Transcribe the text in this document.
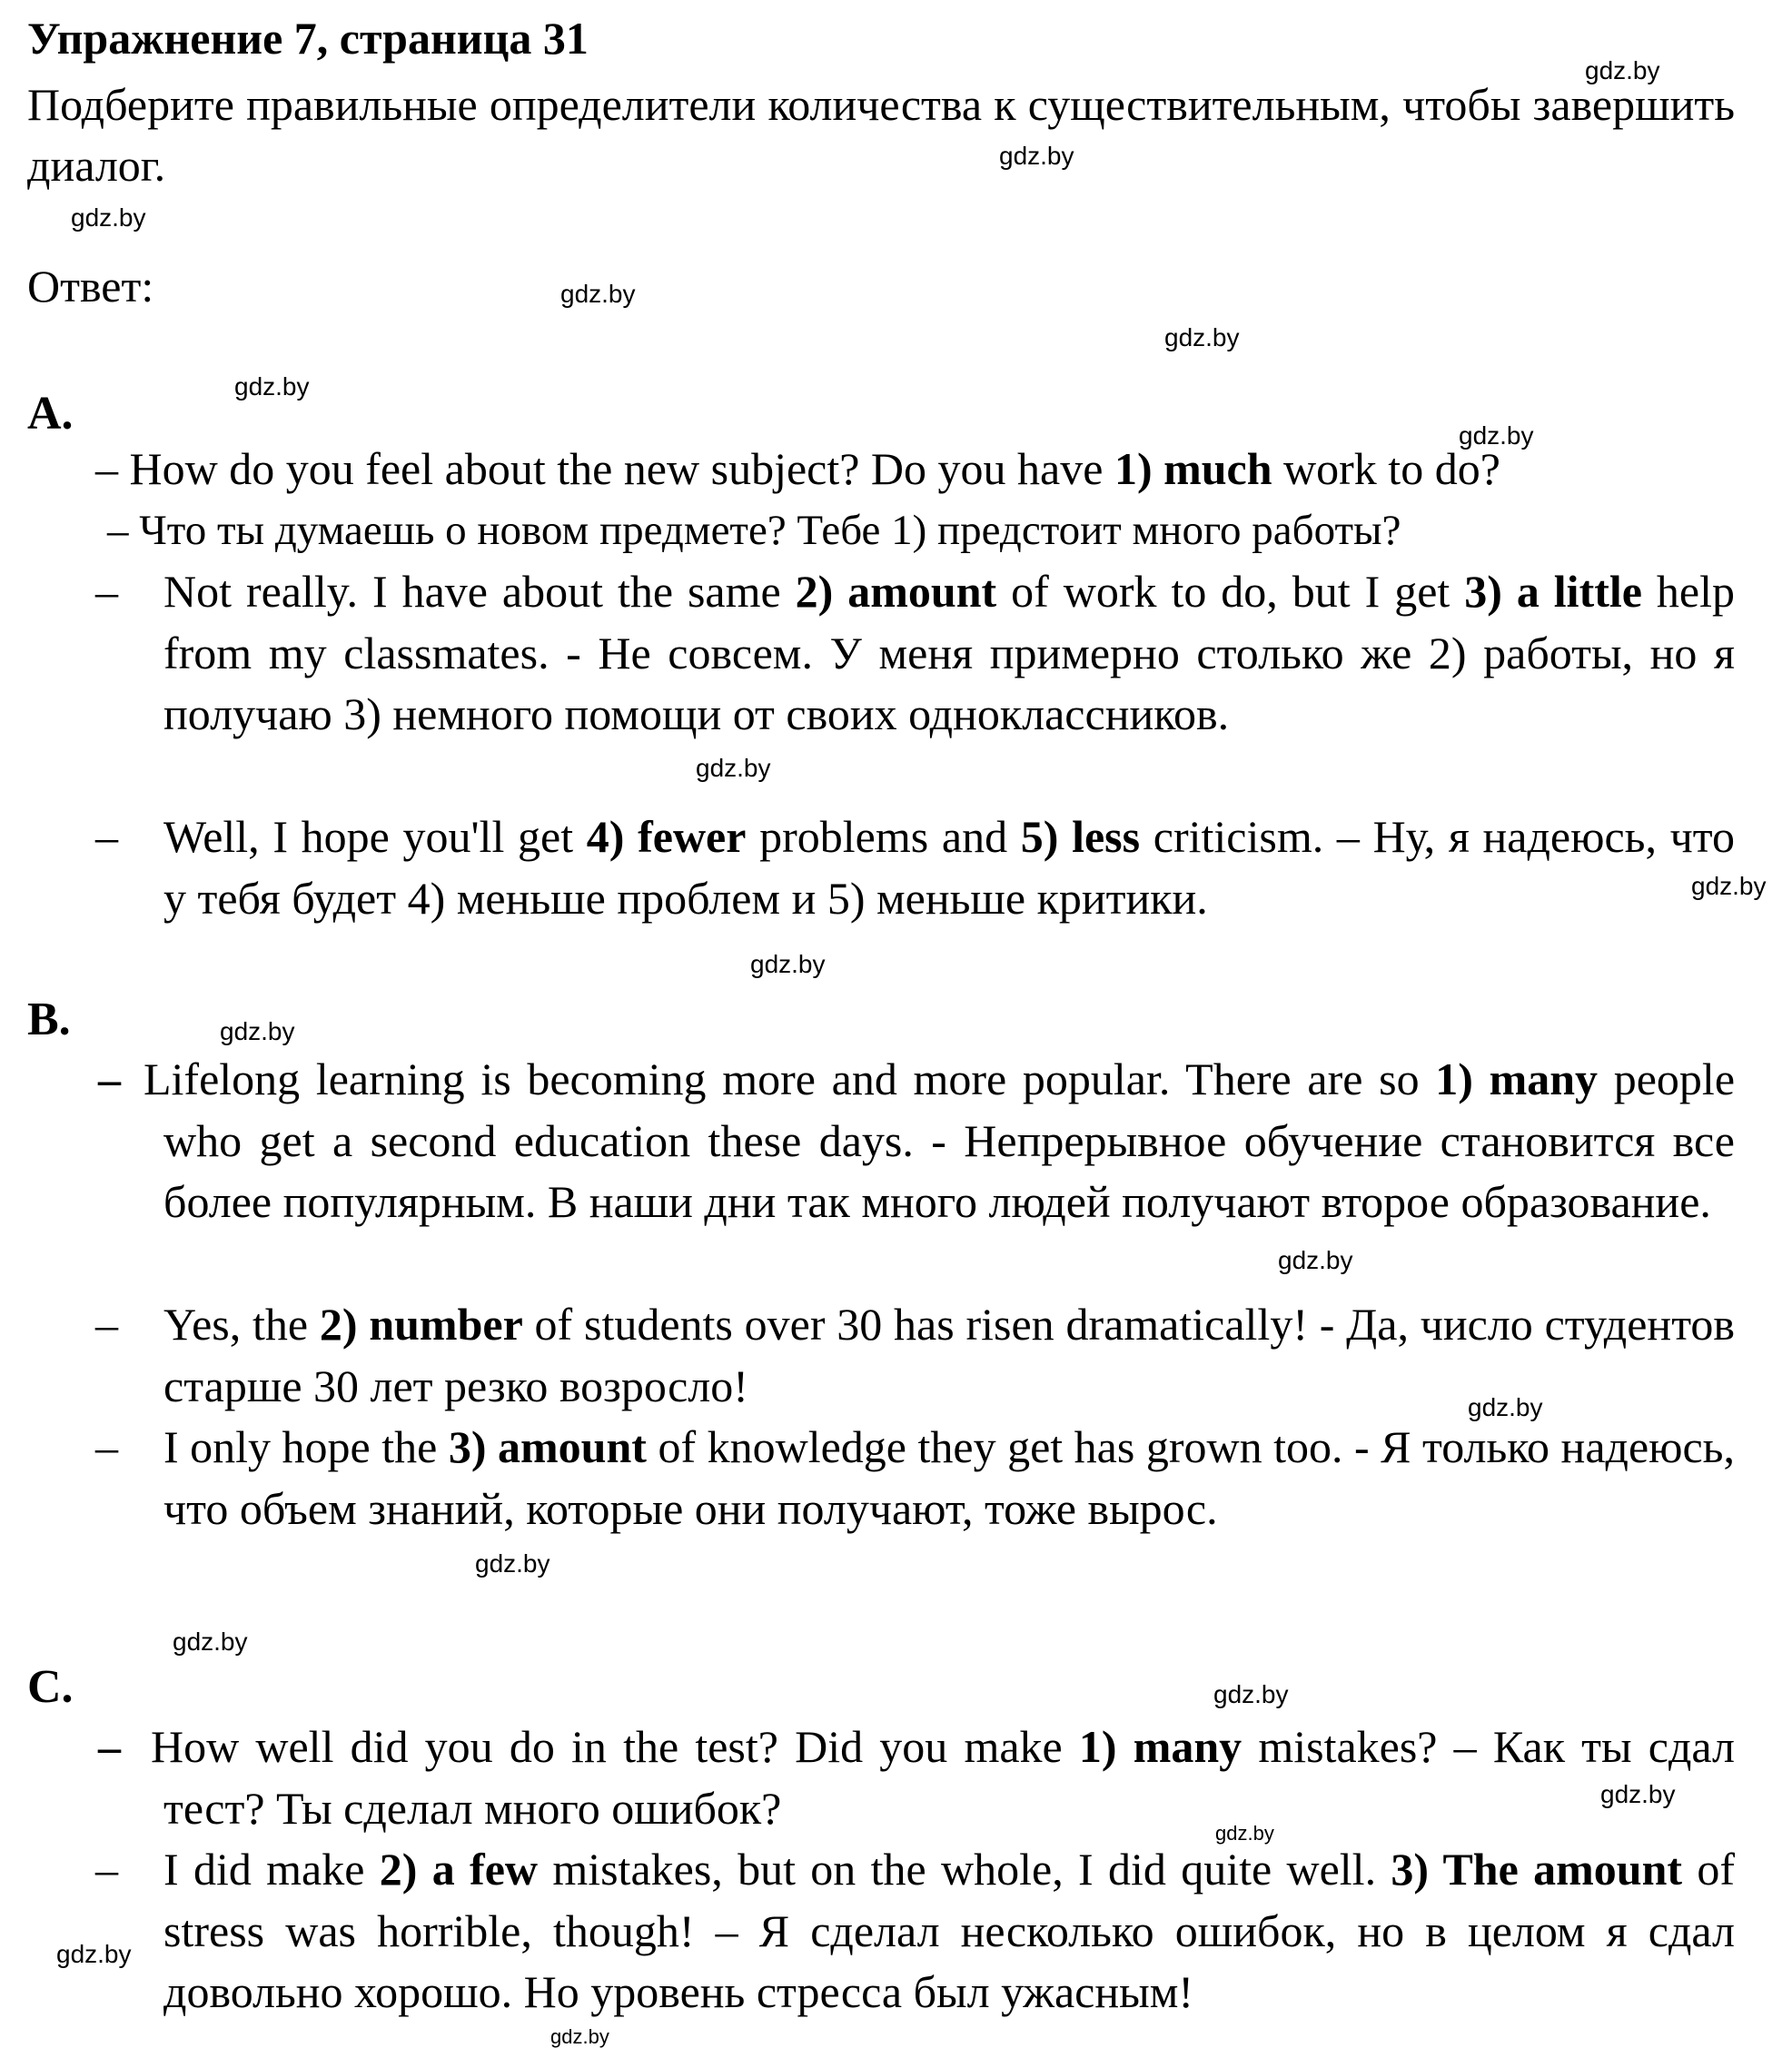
Упражнение 7, страница 31
Подберите правильные определители количества к существительным, чтобы завершить диалог.
Ответ:
A.
– How do you feel about the new subject? Do you have 1) much work to do?
– Что ты думаешь о новом предмете? Тебе 1) предстоит много работы?
– Not really. I have about the same 2) amount of work to do, but I get 3) a little help from my classmates. - Не совсем. У меня примерно столько же 2) работы, но я получаю 3) немного помощи от своих одноклассников.
– Well, I hope you'll get 4) fewer problems and 5) less criticism. – Ну, я надеюсь, что у тебя будет 4) меньше проблем и 5) меньше критики.
B.
– Lifelong learning is becoming more and more popular. There are so 1) many people who get a second education these days. - Непрерывное обучение становится все более популярным. В наши дни так много людей получают второе образование.
– Yes, the 2) number of students over 30 has risen dramatically! - Да, число студентов старше 30 лет резко возросло!
– I only hope the 3) amount of knowledge they get has grown too. - Я только надеюсь, что объем знаний, которые они получают, тоже вырос.
C.
– How well did you do in the test? Did you make 1) many mistakes? – Как ты сдал тест? Ты сделал много ошибок?
– I did make 2) a few mistakes, but on the whole, I did quite well. 3) The amount of stress was horrible, though! – Я сделал несколько ошибок, но в целом я сдал довольно хорошо. Но уровень стресса был ужасным!
gdz.by
gdz.by
gdz.by
gdz.by
gdz.by
gdz.by
gdz.by
gdz.by
gdz.by
gdz.by
gdz.by
gdz.by
gdz.by
gdz.by
gdz.by
gdz.by
gdz.by
gdz.by
gdz.by
gdz.by
